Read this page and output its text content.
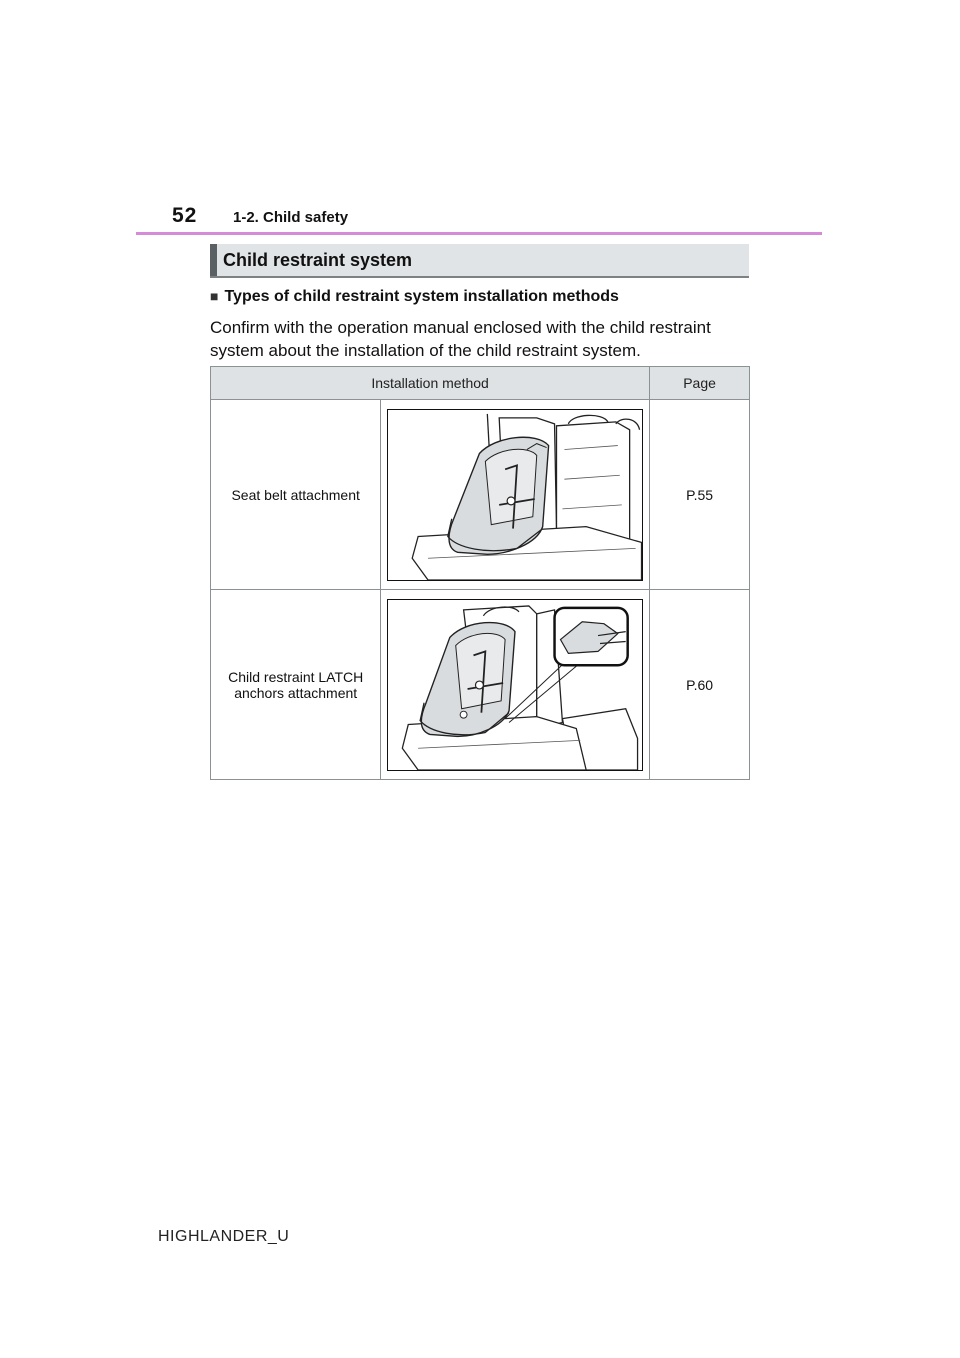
52 1-2. Child safety
Child restraint system
■ Types of child restraint system installation methods
Confirm with the operation manual enclosed with the child restraint system about the installation of the child restraint system.
Installation method		Page
Seat belt attachment		P.55
Child restraint LATCH anchors attachment		P.60
HIGHLANDER_U
